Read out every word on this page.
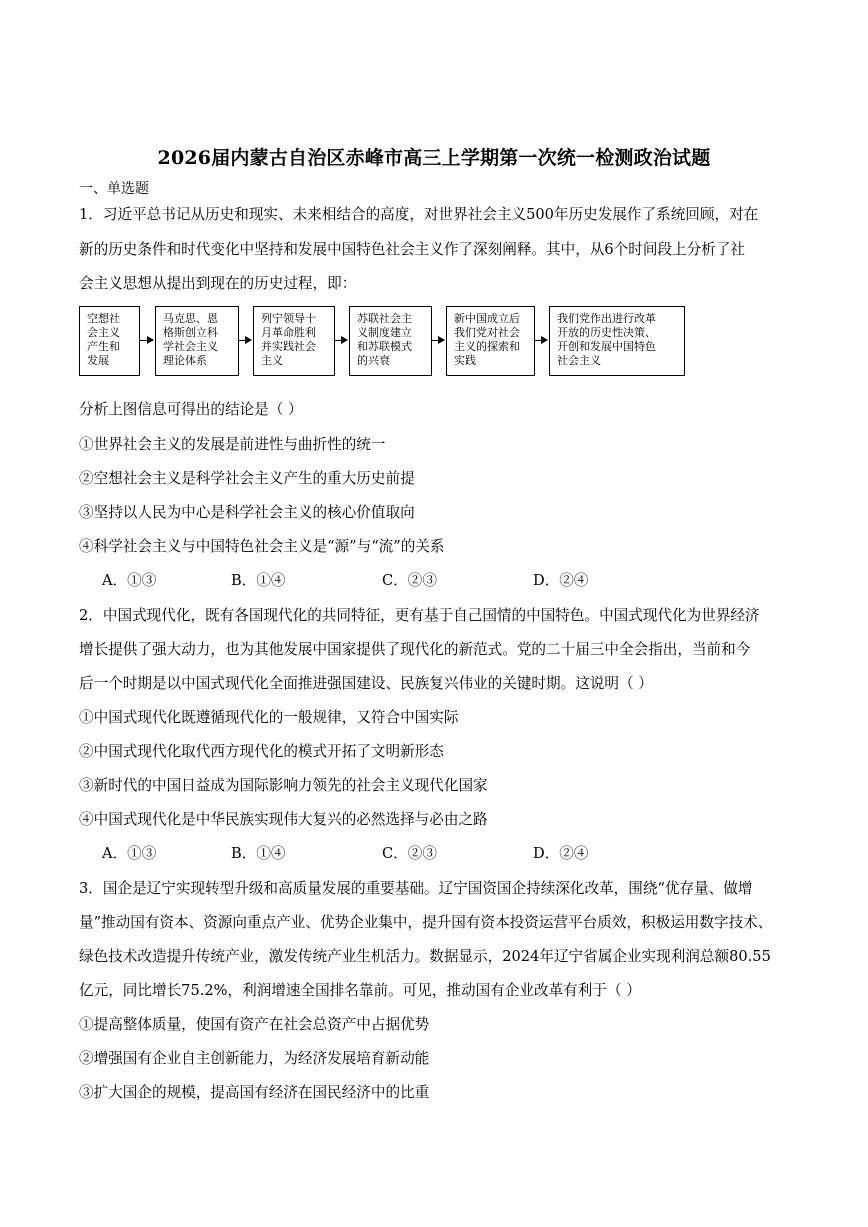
2026届内蒙古自治区赤峰市高三上学期第一次统一检测政治试题
一、单选题
1．习近平总书记从历史和现实、未来相结合的高度，对世界社会主义500年历史发展作了系统回顾，对在
新的历史条件和时代变化中坚持和发展中国特色社会主义作了深刻阐释。其中，从6个时间段上分析了社
会主义思想从提出到现在的历史过程，即：
空想社
会主义
产生和
发展
马克思、恩
格斯创立科
学社会主义
理论体系
列宁领导十
月革命胜利
并实践社会
主义
苏联社会主
义制度建立
和苏联模式
的兴衰
新中国成立后
我们党对社会
主义的探索和
实践
我们党作出进行改革
开放的历史性决策、
开创和发展中国特色
社会主义
分析上图信息可得出的结论是（ ）
①世界社会主义的发展是前进性与曲折性的统一
②空想社会主义是科学社会主义产生的重大历史前提
③坚持以人民为中心是科学社会主义的核心价值取向
④科学社会主义与中国特色社会主义是“源”与“流”的关系
A．①③	B．①④	C．②③	D．②④
2．中国式现代化，既有各国现代化的共同特征，更有基于自己国情的中国特色。中国式现代化为世界经济
增长提供了强大动力，也为其他发展中国家提供了现代化的新范式。党的二十届三中全会指出，当前和今
后一个时期是以中国式现代化全面推进强国建设、民族复兴伟业的关键时期。这说明（ ）
①中国式现代化既遵循现代化的一般规律，又符合中国实际
②中国式现代化取代西方现代化的模式开拓了文明新形态
③新时代的中国日益成为国际影响力领先的社会主义现代化国家
④中国式现代化是中华民族实现伟大复兴的必然选择与必由之路
A．①③	B．①④	C．②③	D．②④
3．国企是辽宁实现转型升级和高质量发展的重要基础。辽宁国资国企持续深化改革，围绕“优存量、做增
量”推动国有资本、资源向重点产业、优势企业集中，提升国有资本投资运营平台质效，积极运用数字技术、
绿色技术改造提升传统产业，激发传统产业生机活力。数据显示，2024年辽宁省属企业实现利润总额80.55
亿元，同比增长75.2%，利润增速全国排名靠前。可见，推动国有企业改革有利于（ ）
①提高整体质量，使国有资产在社会总资产中占据优势
②增强国有企业自主创新能力，为经济发展培育新动能
③扩大国企的规模，提高国有经济在国民经济中的比重
